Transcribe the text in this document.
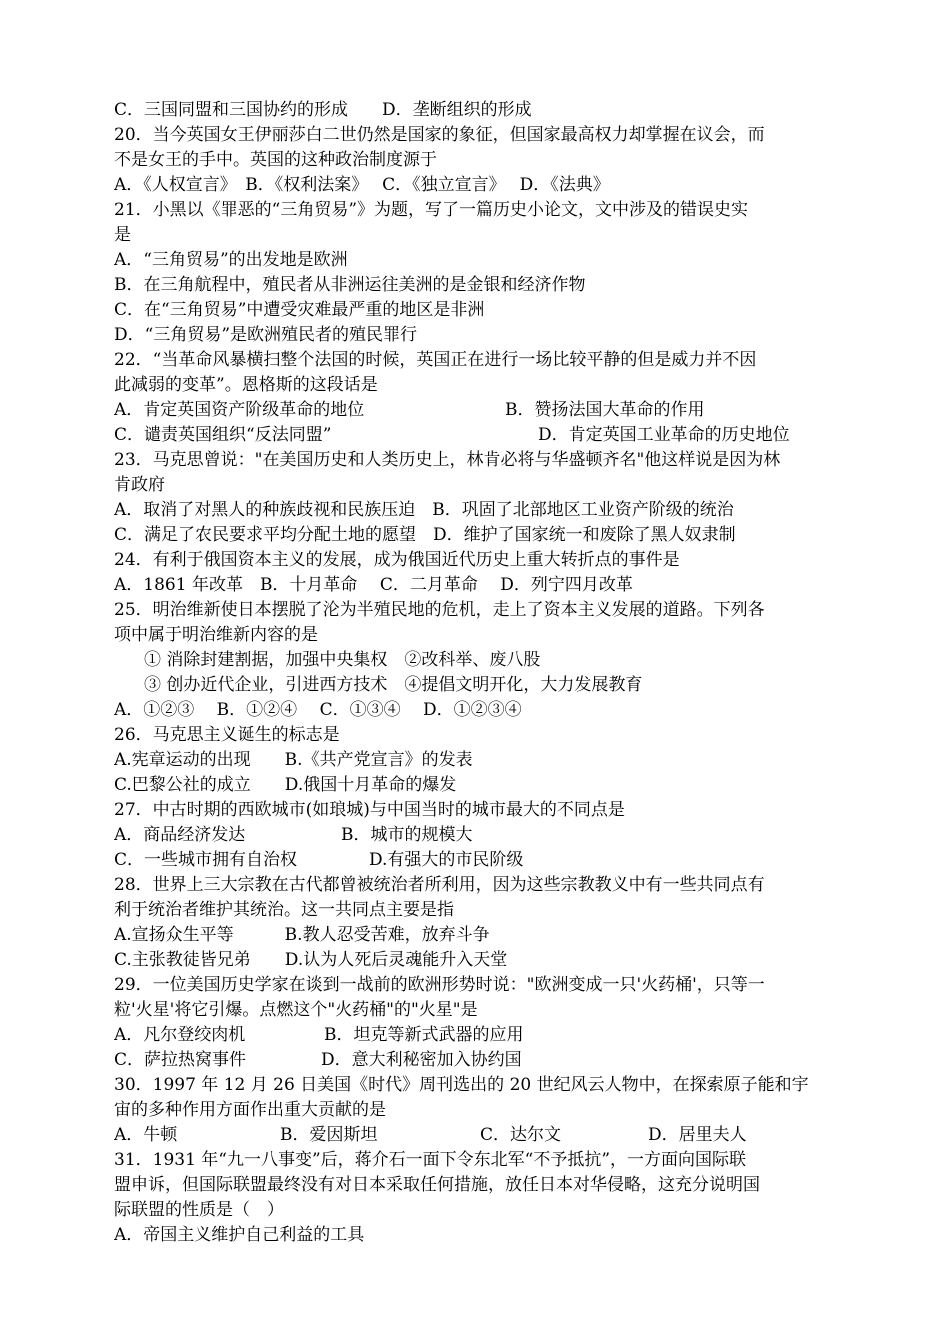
C．三国同盟和三国协约的形成　　D．垄断组织的形成
20．当今英国女王伊丽莎白二世仍然是国家的象征，但国家最高权力却掌握在议会，而
不是女王的手中。英国的这种政治制度源于
A．《人权宣言》　B．《权利法案》　 C．《独立宣言》　 D．《法典》
21．小黑以《罪恶的“三角贸易”》为题，写了一篇历史小论文，文中涉及的错误史实
是
A．“三角贸易”的出发地是欧洲
B．在三角航程中，殖民者从非洲运往美洲的是金银和经济作物
C．在“三角贸易”中遭受灾难最严重的地区是非洲
D．“三角贸易”是欧洲殖民者的殖民罪行
22．“当革命风暴横扫整个法国的时候，英国正在进行一场比较平静的但是威力并不因
此减弱的变革”。恩格斯的这段话是

A．肯定英国资产阶级革命的地位

	B．赞扬法国大革命的作用

C．谴责英国组织“反法同盟”

	D．肯定英国工业革命的历史地位

23．马克思曾说："在美国历史和人类历史上，林肯必将与华盛顿齐名"他这样说是因为林
肯政府
A．取消了对黑人的种族歧视和民族压迫　B．巩固了北部地区工业资产阶级的统治
C．满足了农民要求平均分配土地的愿望　D．维护了国家统一和废除了黑人奴隶制
24．有利于俄国资本主义的发展，成为俄国近代历史上重大转折点的事件是
A．1861 年改革　B．十月革命　 C．二月革命　 D．列宁四月改革
25．明治维新使日本摆脱了沦为半殖民地的危机，走上了资本主义发展的道路。下列各
项中属于明治维新内容的是
① 消除封建割据，加强中央集权　②改科举、废八股
③ 创办近代企业，引进西方技术　④提倡文明开化，大力发展教育
A．①②③　 B．①②④　 C．①③④　 D．①②③④
26．马克思主义诞生的标志是
A.宪章运动的出现　　B.《共产党宣言》的发表
C.巴黎公社的成立　　D.俄国十月革命的爆发
27．中古时期的西欧城市(如琅城)与中国当时的城市最大的不同点是

A．商品经济发达

	B．城市的规模大

C．一些城市拥有自治权

	D.有强大的市民阶级

28．世界上三大宗教在古代都曾被统治者所利用，因为这些宗教教义中有一些共同点有
利于统治者维护其统治。这一共同点主要是指
A.宣扬众生平等　　　B.教人忍受苦难，放弃斗争
C.主张教徒皆兄弟　　D.认为人死后灵魂能升入天堂
29．一位美国历史学家在谈到一战前的欧洲形势时说："欧洲变成一只'火药桶'，只等一
粒'火星'将它引爆。点燃这个"火药桶"的"火星"是

A．凡尔登绞肉机

	B．坦克等新式武器的应用

C．萨拉热窝事件

	D．意大利秘密加入协约国

30．1997 年 12 月 26 日美国《时代》周刊选出的 20 世纪风云人物中，在探索原子能和宇
宙的多种作用方面作出重大贡献的是

A．牛顿

	B．爱因斯坦

	C．达尔文

	D．居里夫人

31．1931 年“九一八事变”后，蒋介石一面下令东北军“不予抵抗”，一方面向国际联
盟申诉，但国际联盟最终没有对日本采取任何措施，放任日本对华侵略，这充分说明国
际联盟的性质是（　）
A．帝国主义维护自己利益的工具
